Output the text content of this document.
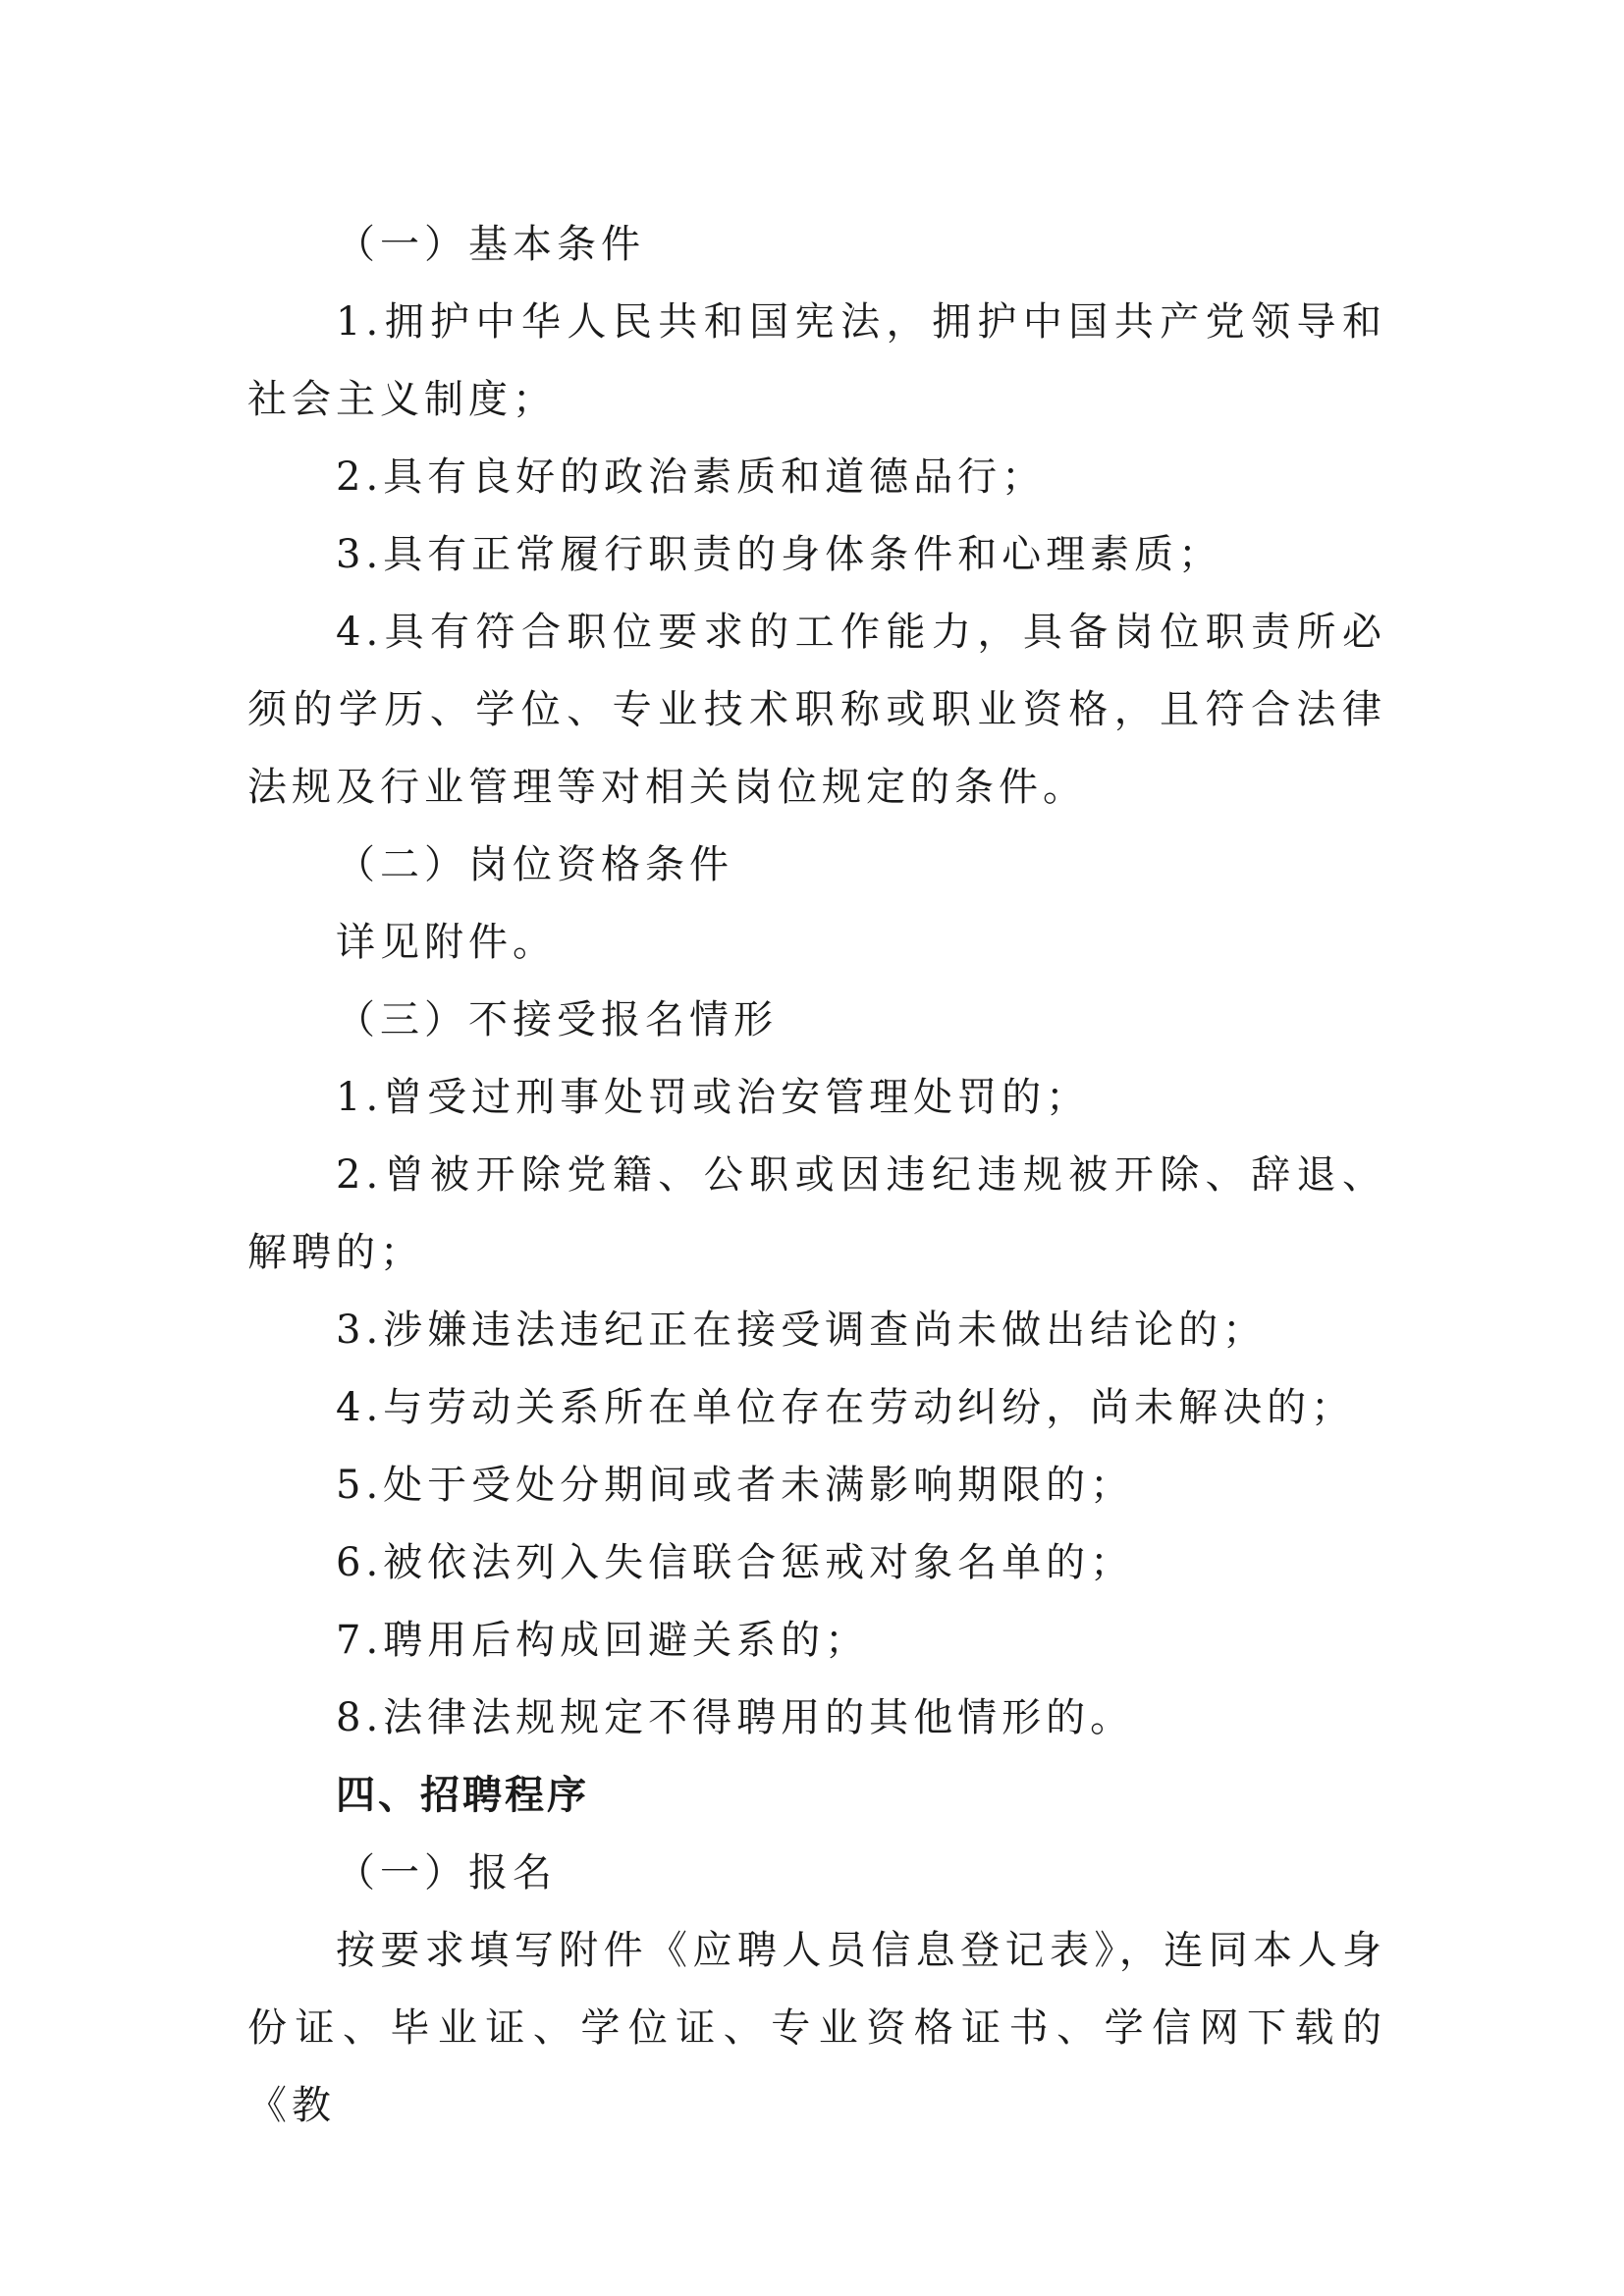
（一）基本条件

1.拥护中华人民共和国宪法，拥护中国共产党领导和社会主义制度；

2.具有良好的政治素质和道德品行；

3.具有正常履行职责的身体条件和心理素质；

4.具有符合职位要求的工作能力，具备岗位职责所必须的学历、学位、专业技术职称或职业资格，且符合法律法规及行业管理等对相关岗位规定的条件。

（二）岗位资格条件

详见附件。

（三）不接受报名情形

1.曾受过刑事处罚或治安管理处罚的；

2.曾被开除党籍、公职或因违纪违规被开除、辞退、解聘的；

3.涉嫌违法违纪正在接受调查尚未做出结论的；

4.与劳动关系所在单位存在劳动纠纷，尚未解决的；

5.处于受处分期间或者未满影响期限的；

6.被依法列入失信联合惩戒对象名单的；

7.聘用后构成回避关系的；

8.法律法规规定不得聘用的其他情形的。

四、招聘程序

（一）报名

按要求填写附件《应聘人员信息登记表》，连同本人身份证、毕业证、学位证、专业资格证书、学信网下载的《教
